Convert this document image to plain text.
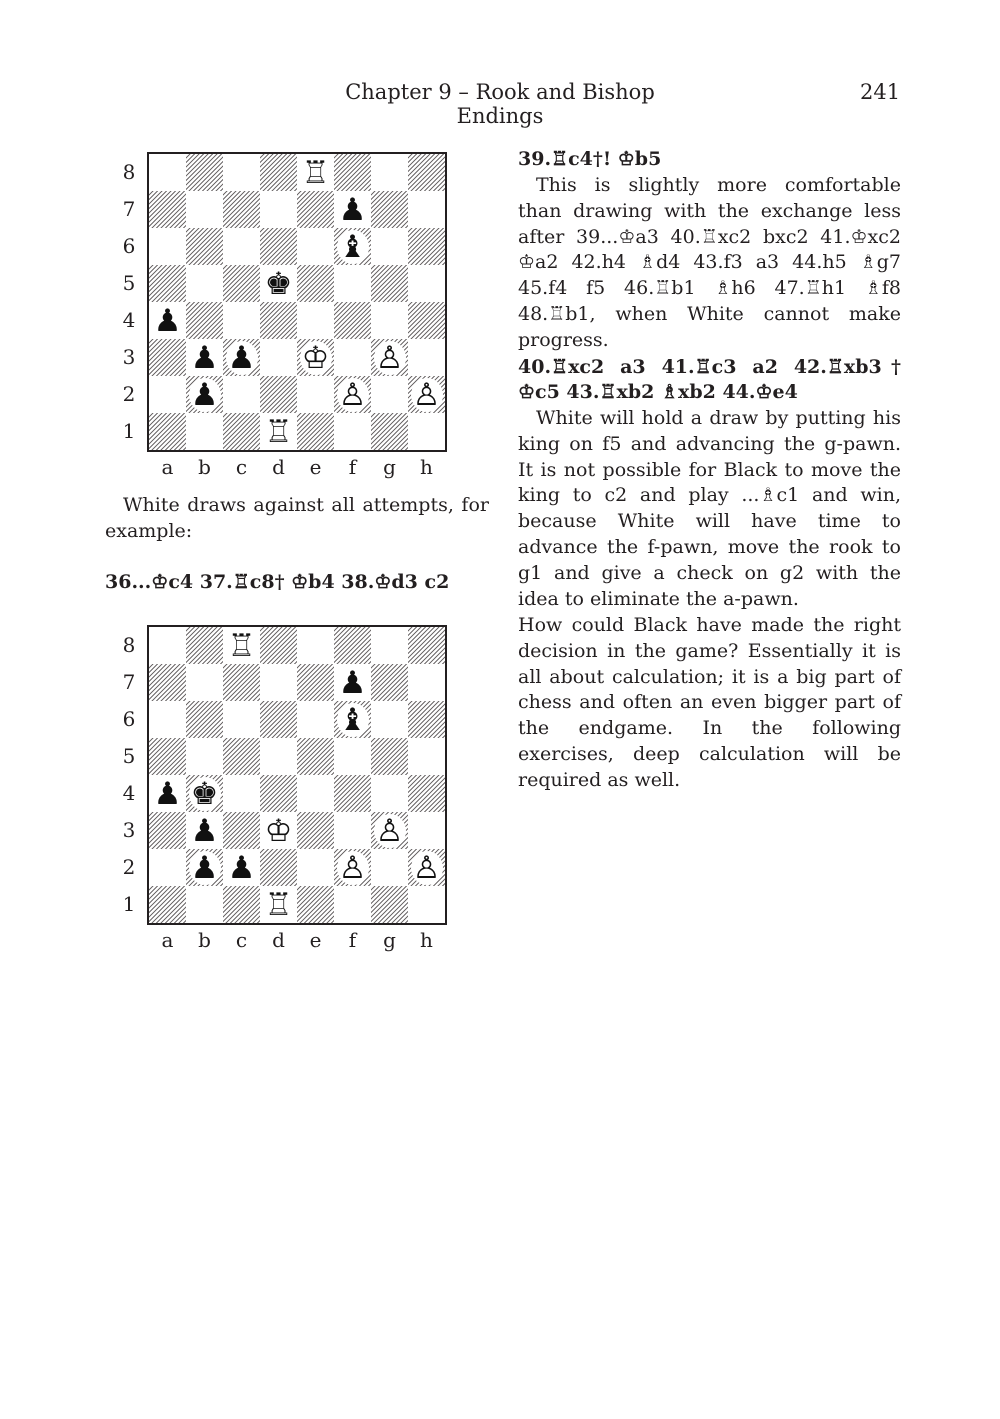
Chapter 9 – Rook and Bishop Endings
241
8
7
6
5
4
3
2
1
♖
♟
♝
♚
♟
♟ ♟ ♔ ♙
♟	♙ ♙
♖
a	b	c	d	e	f	g	h

White draws against all attempts, for example:

36...♔c4 37.♖c8† ♔b4 38.♔d3 c2

8
7
6
5
4
3
2
1
♖
♟
♝
♟ ♚
♟ ♔	♙
♟ ♟	♙ ♙
♖
a	b	c	d	e	f	g	h

39.♖c4†! ♔b5

This is slightly more comfortable than drawing with the exchange less after 39...♔a3 40.♖xc2 bxc2 41.♔xc2 ♔a2 42.h4 ♗d4 43.f3 a3 44.h5 ♗g7 45.f4 f5 46.♖b1 ♗h6 47.♖h1 ♗f8 48.♖b1, when White cannot make progress.

40.♖xc2 a3 41.♖c3 a2 42.♖xb3† ♔c5 43.♖xb2 ♗xb2 44.♔e4

White will hold a draw by putting his king on f5 and advancing the g-pawn. It is not possible for Black to move the king to c2 and play ...♗c1 and win, because White will have time to advance the f-pawn, move the rook to g1 and give a check on g2 with the idea to eliminate the a-pawn.

How could Black have made the right decision in the game? Essentially it is all about calculation; it is a big part of chess and often an even bigger part of the endgame. In the following exercises, deep calculation will be required as well.
